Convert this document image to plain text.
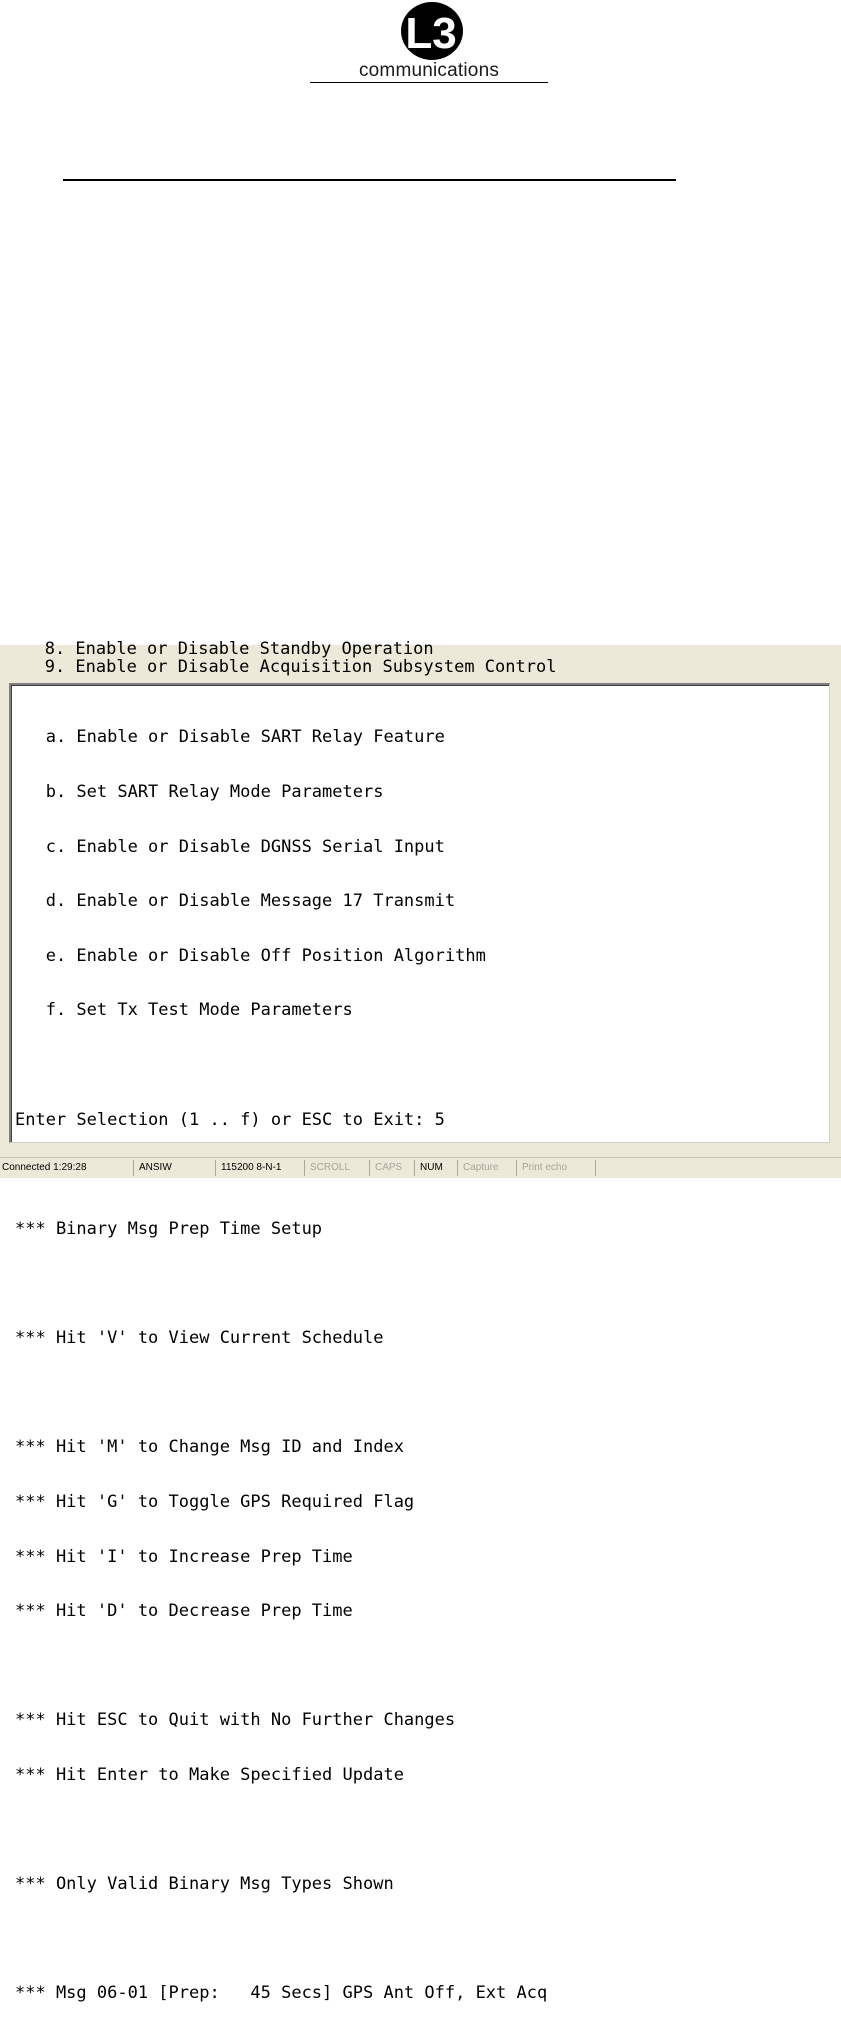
L3
communications
8. Enable or Disable Standby Operation
9. Enable or Disable Acquisition Subsystem Control

a. Enable or Disable SART Relay Feature

b. Set SART Relay Mode Parameters

c. Enable or Disable DGNSS Serial Input

d. Enable or Disable Message 17 Transmit

e. Enable or Disable Off Position Algorithm

f. Set Tx Test Mode Parameters

Enter Selection (1 .. f) or ESC to Exit: 5

*** Binary Msg Prep Time Setup

*** Hit 'V' to View Current Schedule

*** Hit 'M' to Change Msg ID and Index

*** Hit 'G' to Toggle GPS Required Flag

*** Hit 'I' to Increase Prep Time

*** Hit 'D' to Decrease Prep Time

*** Hit ESC to Quit with No Further Changes

*** Hit Enter to Make Specified Update

*** Only Valid Binary Msg Types Shown

*** Msg 06-01 [Prep:   45 Secs] GPS Ant Off, Ext Acq

Connected 1:29:28	ANSIW	115200 8-N-1	SCROLL	CAPS	NUM	Capture	Print echo
